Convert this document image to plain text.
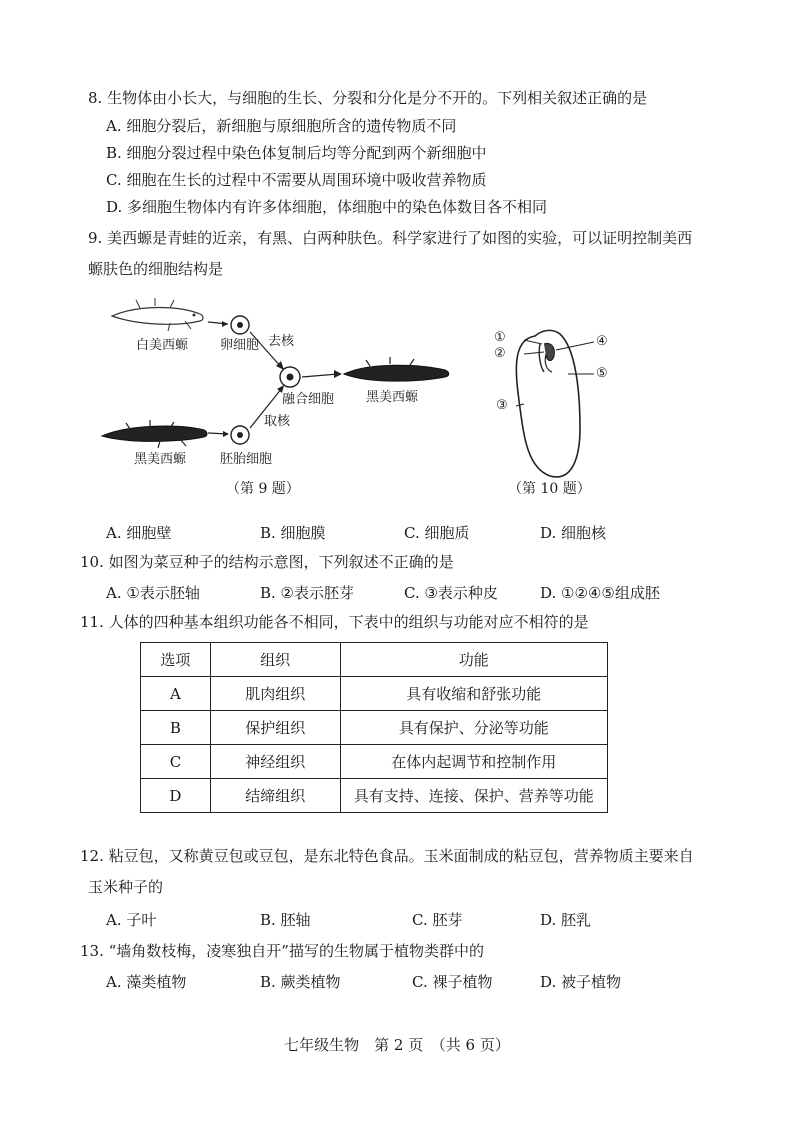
8. 生物体由小长大，与细胞的生长、分裂和分化是分不开的。下列相关叙述正确的是
A. 细胞分裂后，新细胞与原细胞所含的遗传物质不同
B. 细胞分裂过程中染色体复制后均等分配到两个新细胞中
C. 细胞在生长的过程中不需要从周围环境中吸收营养物质
D. 多细胞生物体内有许多体细胞，体细胞中的染色体数目各不相同
9. 美西螈是青蛙的近亲，有黑、白两种肤色。科学家进行了如图的实验，可以证明控制美西
螈肤色的细胞结构是
白美西螈 卵细胞 去核
融合细胞 黑美西螈
取核
黑美西螈	胚胎细胞
（第 9 题）
①
②
③
④
⑤
（第 10 题）
A. 细胞壁	B. 细胞膜	C. 细胞质	D. 细胞核
10. 如图为菜豆种子的结构示意图，下列叙述不正确的是
A. ①表示胚轴	B. ②表示胚芽	C. ③表示种皮	D. ①②④⑤组成胚
11. 人体的四种基本组织功能各不相同，下表中的组织与功能对应不相符的是
选项	组织	功能
A	肌肉组织	具有收缩和舒张功能
B	保护组织	具有保护、分泌等功能
C	神经组织	在体内起调节和控制作用
D	结缔组织	具有支持、连接、保护、营养等功能
12. 粘豆包，又称黄豆包或豆包，是东北特色食品。玉米面制成的粘豆包，营养物质主要来自
玉米种子的
A. 子叶	B. 胚轴	C. 胚芽	D. 胚乳
13. “墙角数枝梅，凌寒独自开”描写的生物属于植物类群中的
A. 藻类植物	B. 蕨类植物	C. 裸子植物	D. 被子植物
七年级生物　第 2 页　（共 6 页）
